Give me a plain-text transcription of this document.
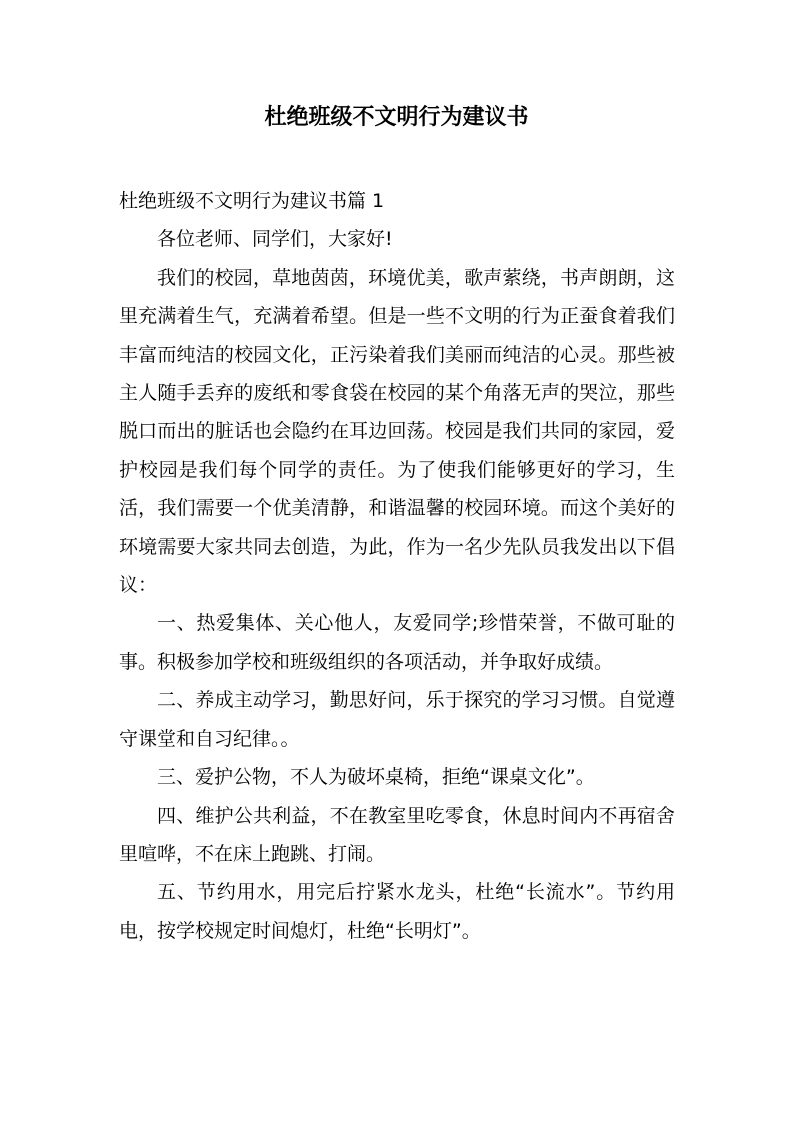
杜绝班级不文明行为建议书

杜绝班级不文明行为建议书篇 1

各位老师、同学们，大家好!

我们的校园，草地茵茵，环境优美，歌声萦绕，书声朗朗，这里充满着生气，充满着希望。但是一些不文明的行为正蚕食着我们丰富而纯洁的校园文化，正污染着我们美丽而纯洁的心灵。那些被主人随手丢弃的废纸和零食袋在校园的某个角落无声的哭泣，那些脱口而出的脏话也会隐约在耳边回荡。校园是我们共同的家园，爱护校园是我们每个同学的责任。为了使我们能够更好的学习，生活，我们需要一个优美清静，和谐温馨的校园环境。而这个美好的环境需要大家共同去创造，为此，作为一名少先队员我发出以下倡议：

一、热爱集体、关心他人，友爱同学;珍惜荣誉，不做可耻的事。积极参加学校和班级组织的各项活动，并争取好成绩。

二、养成主动学习，勤思好问，乐于探究的学习习惯。自觉遵守课堂和自习纪律。。

三、爱护公物，不人为破坏桌椅，拒绝“课桌文化”。

四、维护公共利益，不在教室里吃零食，休息时间内不再宿舍里喧哗，不在床上跑跳、打闹。

五、节约用水，用完后拧紧水龙头，杜绝“长流水”。节约用电，按学校规定时间熄灯，杜绝“长明灯”。
